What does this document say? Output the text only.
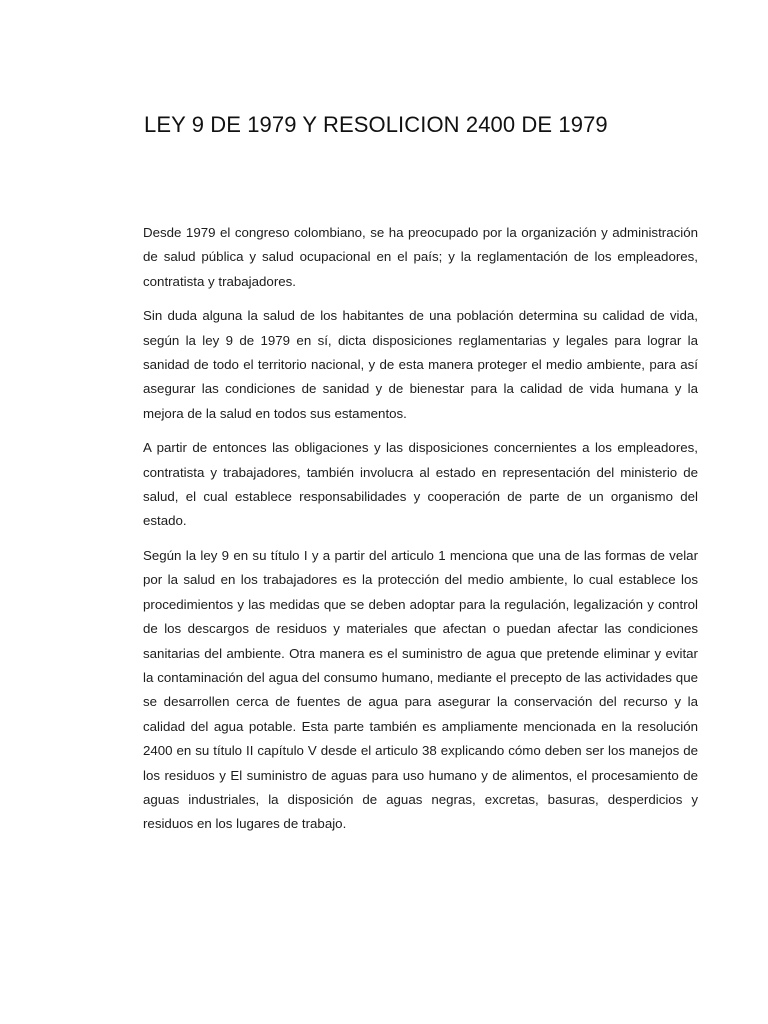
LEY 9 DE 1979 Y RESOLICION 2400 DE 1979

Desde 1979 el congreso colombiano, se ha preocupado por la organización y administración de salud pública y salud ocupacional en el país; y la reglamentación de los empleadores, contratista y trabajadores.

Sin duda alguna la salud de los habitantes de una población determina su calidad de vida, según la ley 9 de 1979 en sí, dicta disposiciones reglamentarias y legales para lograr la sanidad de todo el territorio nacional, y de esta manera proteger el medio ambiente, para así asegurar las condiciones de sanidad y de bienestar para la calidad de vida humana y la mejora de la salud en todos sus estamentos.

A partir de entonces las obligaciones y las disposiciones concernientes a los empleadores, contratista y trabajadores, también involucra al estado en representación del ministerio de salud, el cual establece responsabilidades y cooperación de parte de un organismo del estado.

Según la ley 9 en su título I y a partir del articulo 1 menciona que una de las formas de velar por la salud en los trabajadores es la protección del medio ambiente, lo cual establece los procedimientos y las medidas que se deben adoptar para la regulación, legalización y control de los descargos de residuos y materiales que afectan o puedan afectar las condiciones sanitarias del ambiente. Otra manera es el suministro de agua que pretende eliminar y evitar la contaminación del agua del consumo humano, mediante el precepto de las actividades que se desarrollen cerca de fuentes de agua para asegurar la conservación del recurso y la calidad del agua potable. Esta parte también es ampliamente mencionada en la resolución 2400 en su título II capítulo V desde el articulo 38 explicando cómo deben ser los manejos de los residuos y El suministro de aguas para uso humano y de alimentos, el procesamiento de aguas industriales, la disposición de aguas negras, excretas, basuras, desperdicios y residuos en los lugares de trabajo.
